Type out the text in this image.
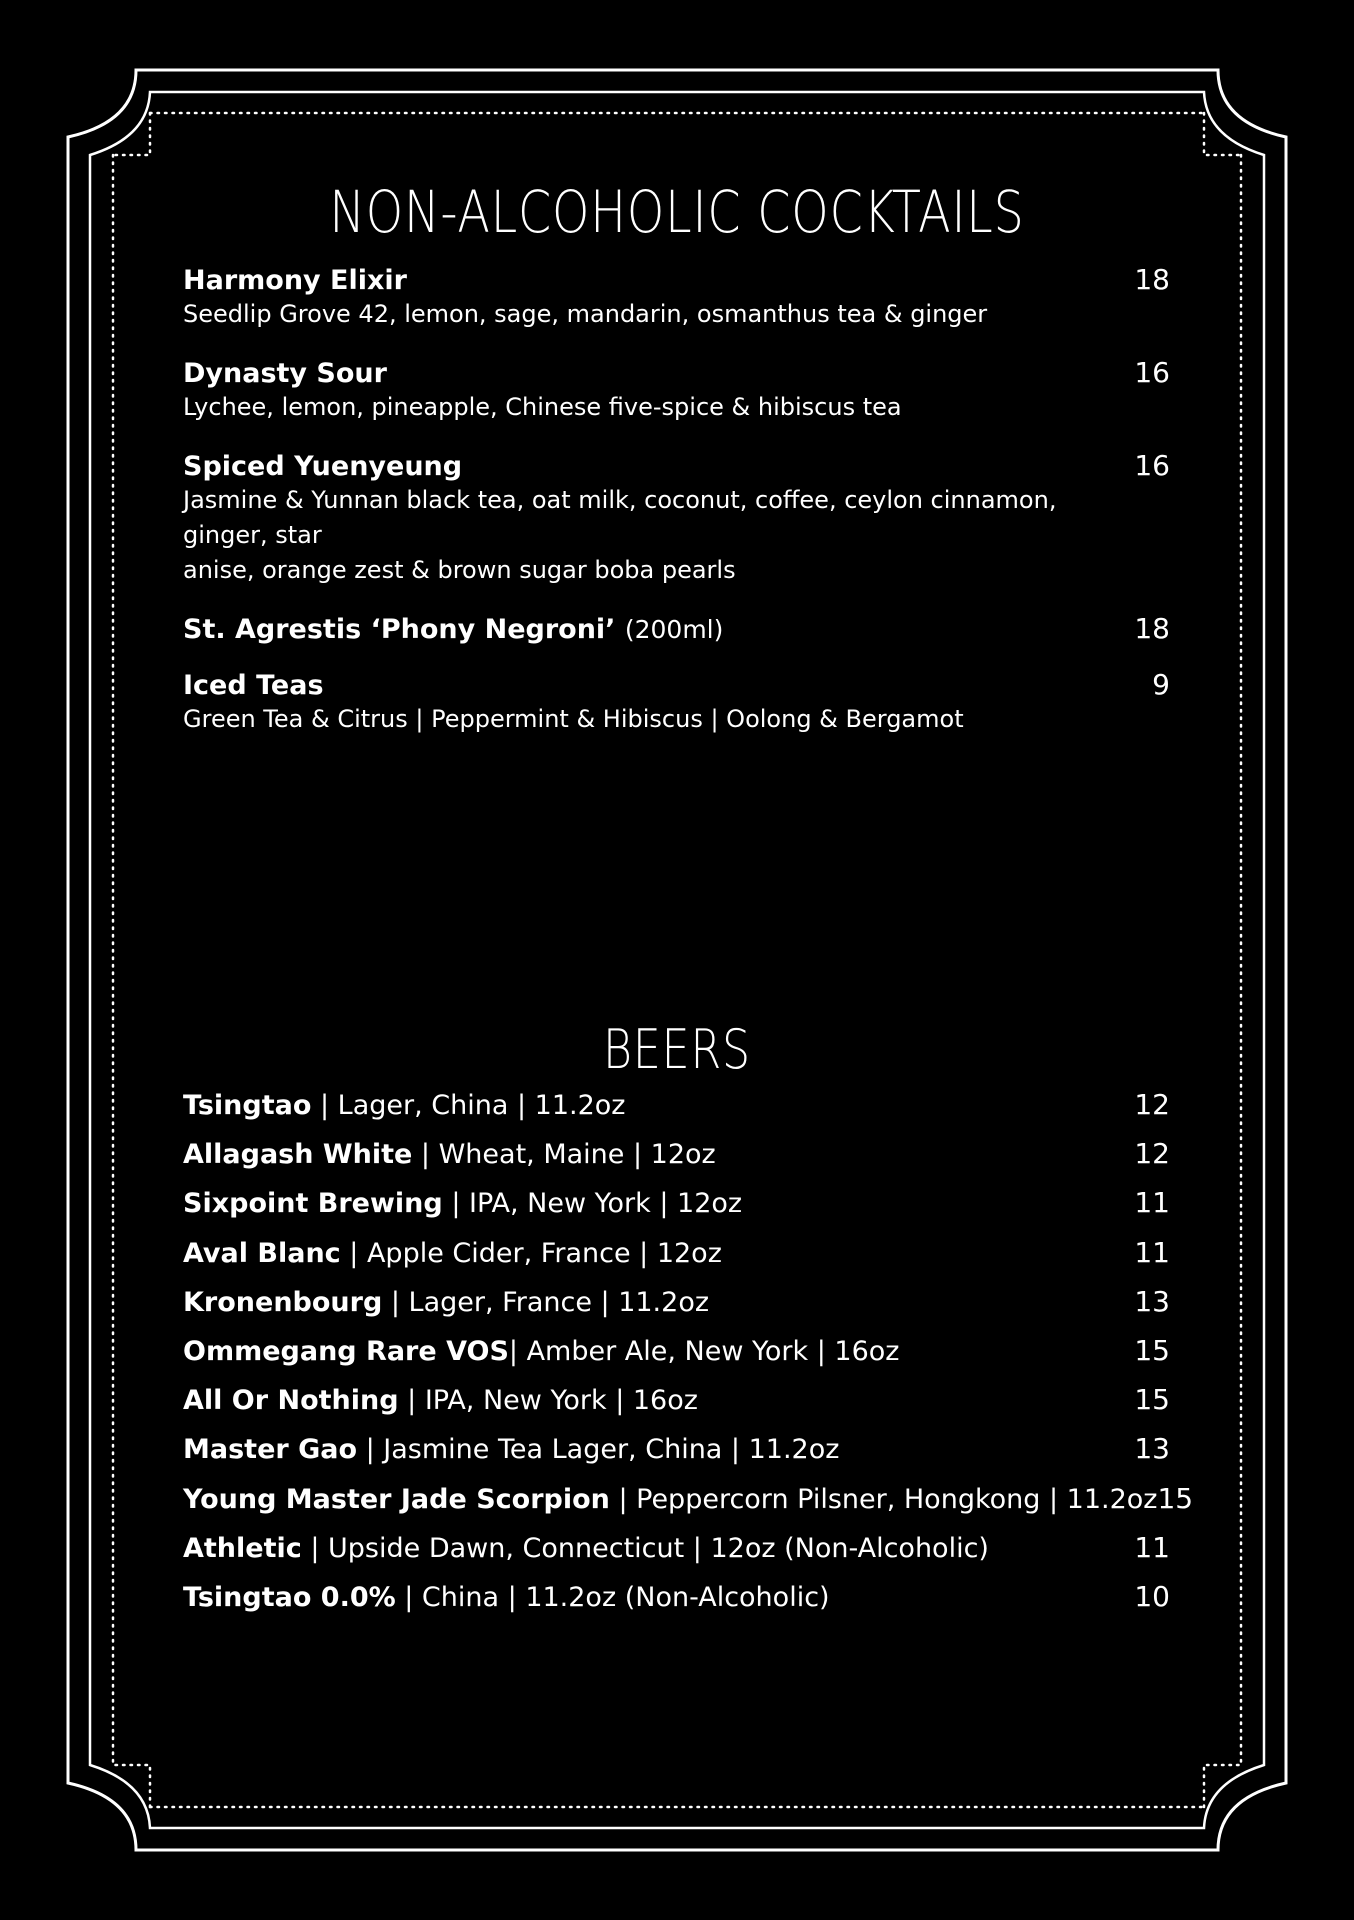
NON-ALCOHOLIC COCKTAILS
Harmony Elixir	18
Seedlip Grove 42, lemon, sage, mandarin, osmanthus tea & ginger
Dynasty Sour	16
Lychee, lemon, pineapple, Chinese five-spice & hibiscus tea
Spiced Yuenyeung	16
Jasmine & Yunnan black tea, oat milk, coconut, coffee, ceylon cinnamon, ginger, star
anise, orange zest & brown sugar boba pearls
St. Agrestis ‘Phony Negroni’ (200ml)	18
Iced Teas	9
Green Tea & Citrus | Peppermint & Hibiscus | Oolong & Bergamot
BEERS
Tsingtao | Lager, China | 11.2oz	12
Allagash White | Wheat, Maine | 12oz	12
Sixpoint Brewing | IPA, New York | 12oz	11
Aval Blanc | Apple Cider, France | 12oz	11
Kronenbourg | Lager, France | 11.2oz	13
Ommegang Rare VOS| Amber Ale, New York | 16oz	15
All Or Nothing | IPA, New York | 16oz	15
Master Gao | Jasmine Tea Lager, China | 11.2oz	13
Young Master Jade Scorpion | Peppercorn Pilsner, Hongkong | 11.2oz 15
Athletic | Upside Dawn, Connecticut | 12oz (Non-Alcoholic)	11
Tsingtao 0.0% | China | 11.2oz (Non-Alcoholic)	10
